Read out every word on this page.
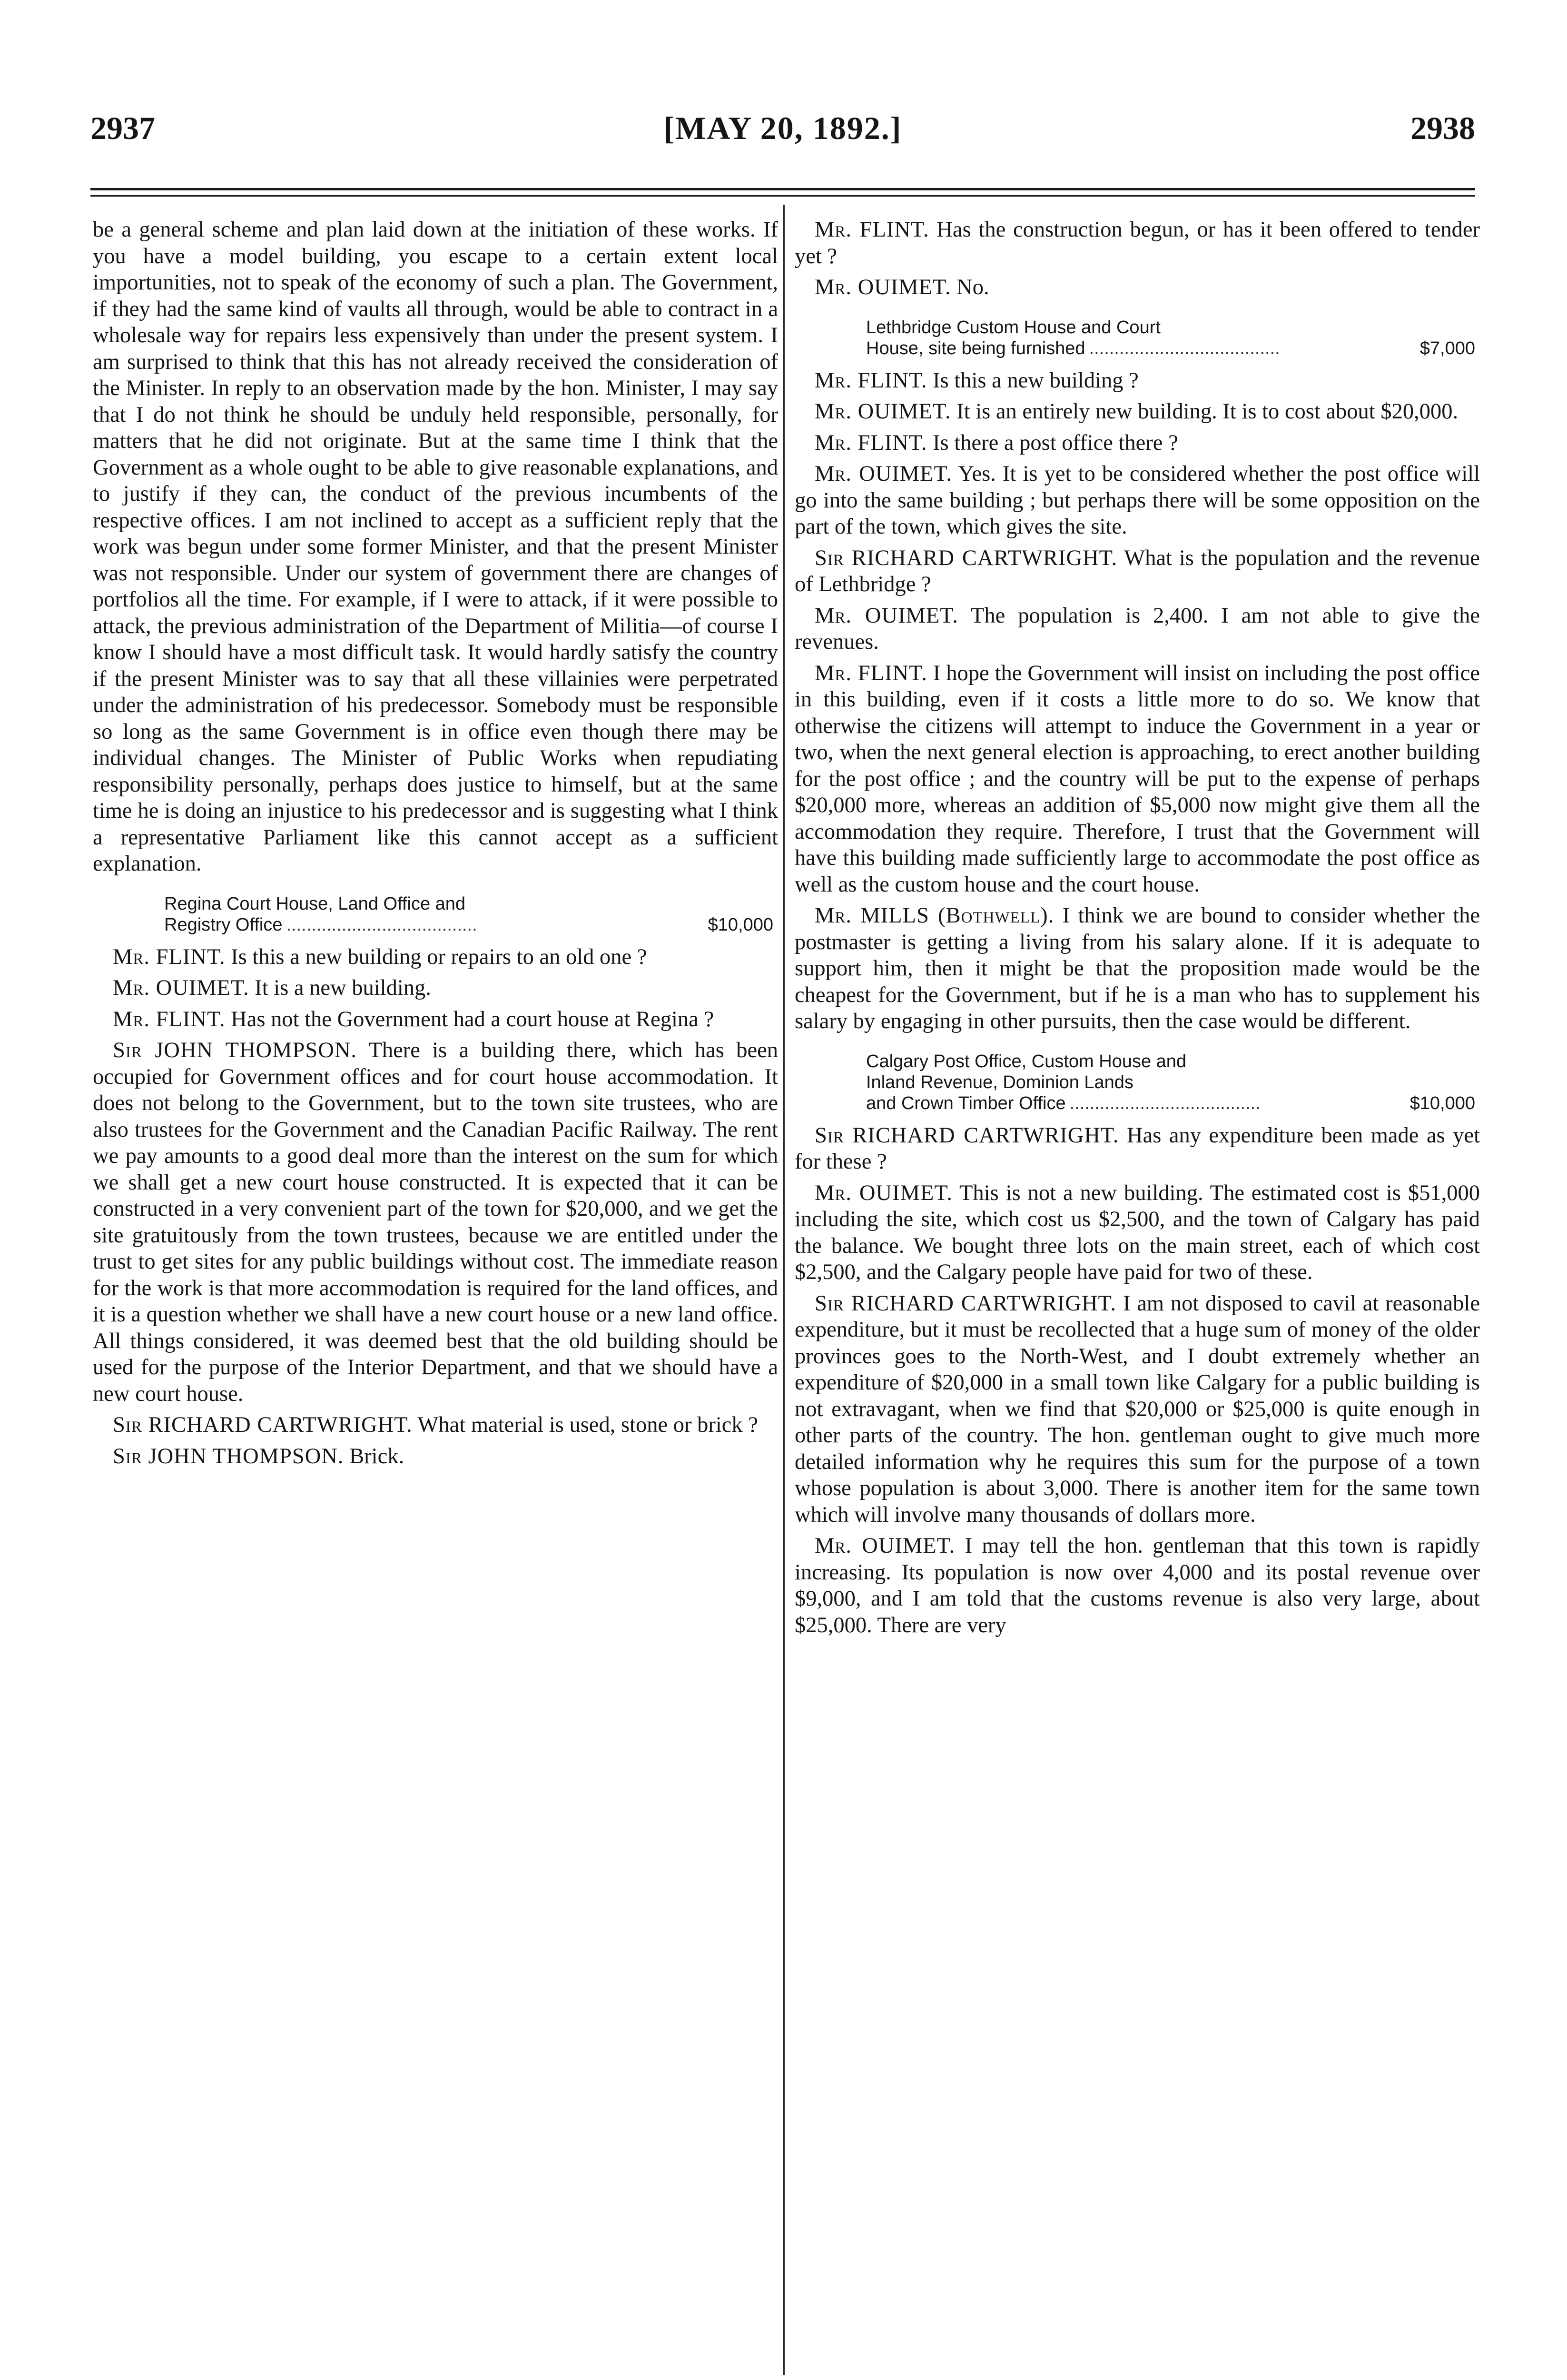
2937	[MAY 20, 1892.]	2938

be a general scheme and plan laid down at the initiation of these works. If you have a model building, you escape to a certain extent local importunities, not to speak of the economy of such a plan. The Government, if they had the same kind of vaults all through, would be able to contract in a wholesale way for repairs less expensively than under the present system. I am surprised to think that this has not already received the consideration of the Minister. In reply to an observation made by the hon. Minister, I may say that I do not think he should be unduly held responsible, personally, for matters that he did not originate. But at the same time I think that the Government as a whole ought to be able to give reasonable explanations, and to justify if they can, the conduct of the previous incumbents of the respective offices. I am not inclined to accept as a sufficient reply that the work was begun under some former Minister, and that the present Minister was not responsible. Under our system of government there are changes of portfolios all the time. For example, if I were to attack, if it were possible to attack, the previous administration of the Department of Militia—of course I know I should have a most difficult task. It would hardly satisfy the country if the present Minister was to say that all these villainies were perpetrated under the administration of his predecessor. Somebody must be responsible so long as the same Government is in office even though there may be individual changes. The Minister of Public Works when repudiating responsibility personally, perhaps does justice to himself, but at the same time he is doing an injustice to his predecessor and is suggesting what I think a representative Parliament like this cannot accept as a sufficient explanation.

Regina Court House, Land Office and
Registry Office ......................................	$10,000

Mr. FLINT. Is this a new building or repairs to an old one ?

Mr. OUIMET. It is a new building.

Mr. FLINT. Has not the Government had a court house at Regina ?

Sir JOHN THOMPSON. There is a building there, which has been occupied for Government offices and for court house accommodation. It does not belong to the Government, but to the town site trustees, who are also trustees for the Government and the Canadian Pacific Railway. The rent we pay amounts to a good deal more than the interest on the sum for which we shall get a new court house constructed. It is expected that it can be constructed in a very convenient part of the town for $20,000, and we get the site gratuitously from the town trustees, because we are entitled under the trust to get sites for any public buildings without cost. The immediate reason for the work is that more accommodation is required for the land offices, and it is a question whether we shall have a new court house or a new land office. All things considered, it was deemed best that the old building should be used for the purpose of the Interior Department, and that we should have a new court house.

Sir RICHARD CARTWRIGHT. What material is used, stone or brick ?

Sir JOHN THOMPSON. Brick.

Mr. FLINT. Has the construction begun, or has it been offered to tender yet ?

Mr. OUIMET. No.

Lethbridge Custom House and Court
House, site being furnished ......................................	$7,000

Mr. FLINT. Is this a new building ?

Mr. OUIMET. It is an entirely new building. It is to cost about $20,000.

Mr. FLINT. Is there a post office there ?

Mr. OUIMET. Yes. It is yet to be considered whether the post office will go into the same building ; but perhaps there will be some opposition on the part of the town, which gives the site.

Sir RICHARD CARTWRIGHT. What is the population and the revenue of Lethbridge ?

Mr. OUIMET. The population is 2,400. I am not able to give the revenues.

Mr. FLINT. I hope the Government will insist on including the post office in this building, even if it costs a little more to do so. We know that otherwise the citizens will attempt to induce the Government in a year or two, when the next general election is approaching, to erect another building for the post office ; and the country will be put to the expense of perhaps $20,000 more, whereas an addition of $5,000 now might give them all the accommodation they require. Therefore, I trust that the Government will have this building made sufficiently large to accommodate the post office as well as the custom house and the court house.

Mr. MILLS (Bothwell). I think we are bound to consider whether the postmaster is getting a living from his salary alone. If it is adequate to support him, then it might be that the proposition made would be the cheapest for the Government, but if he is a man who has to supplement his salary by engaging in other pursuits, then the case would be different.

Calgary Post Office, Custom House and
Inland Revenue, Dominion Lands
and Crown Timber Office ......................................	$10,000

Sir RICHARD CARTWRIGHT. Has any expenditure been made as yet for these ?

Mr. OUIMET. This is not a new building. The estimated cost is $51,000 including the site, which cost us $2,500, and the town of Calgary has paid the balance. We bought three lots on the main street, each of which cost $2,500, and the Calgary people have paid for two of these.

Sir RICHARD CARTWRIGHT. I am not disposed to cavil at reasonable expenditure, but it must be recollected that a huge sum of money of the older provinces goes to the North-West, and I doubt extremely whether an expenditure of $20,000 in a small town like Calgary for a public building is not extravagant, when we find that $20,000 or $25,000 is quite enough in other parts of the country. The hon. gentleman ought to give much more detailed information why he requires this sum for the purpose of a town whose population is about 3,000. There is another item for the same town which will involve many thousands of dollars more.

Mr. OUIMET. I may tell the hon. gentleman that this town is rapidly increasing. Its population is now over 4,000 and its postal revenue over $9,000, and I am told that the customs revenue is also very large, about $25,000. There are very
